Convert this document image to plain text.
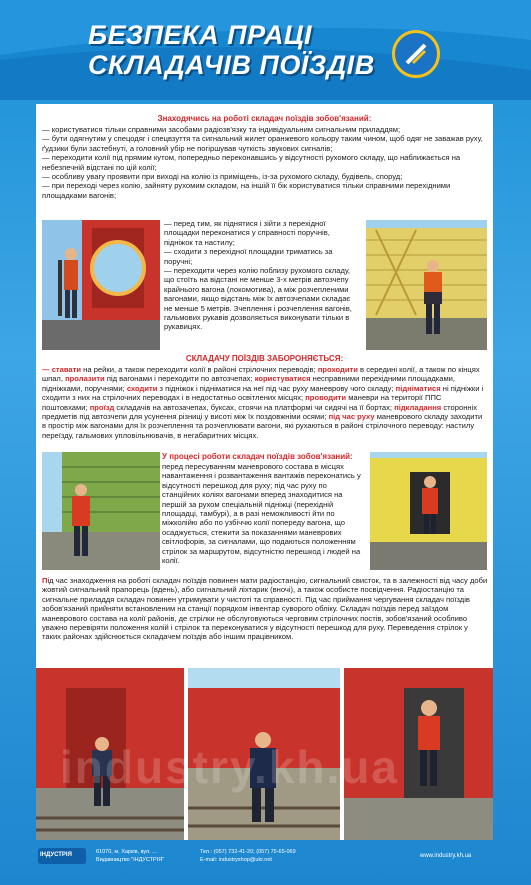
БЕЗПЕКА ПРАЦІ
СКЛАДАЧІВ ПОЇЗДІВ
Знаходячись на роботі складач поїздів зобов'язаний:
— користуватися тільки справними засобами радіозв'язку та індивідуальним сигнальним приладдям;
— бути одягнутим у спецодяг і спецвзуття та сигнальний жилет оранжевого кольору таким чином, щоб одяг не заважав руху, ґудзики були застебнуті, а головний убір не погіршував чуткість звукових сигналів;
— переходити колії під прямим кутом, попередньо переконавшись у відсутності рухомого складу, що наближається на небезпечній відстані по цій колії;
— особливу увагу проявити при виході на колію із приміщень, із-за рухомого складу, будівель, споруд;
— при переході через колію, зайняту рухомим складом, на іншій її бік користуватися тільки справними перехідними площадками вагонів;
— перед тим, як піднятися і зійти з перехідної площадки переконатися у справності поручнів, підніжок та настилу;
— сходити з перехідної площадки триматись за поручні;
— переходити через колію поблизу рухомого складу, що стоїть на відстані не менше 3-х метрів автозчепу крайнього вагона (локомотива), а між розчепленими вагонами, якщо відстань між їх автозчепами складає не менше 5 метрів. Зчеплення і розчеплення вагонів, гальмових рукавів дозволяється виконувати тільки в рукавицях.
СКЛАДАЧУ ПОЇЗДІВ ЗАБОРОНЯЄТЬСЯ:
— ставати на рейки, а також переходити колії в районі стрілочних переводів; проходити в середині колії, а також по кінцях шпал, пролазити під вагонами і переходити по автозчепах; користуватися несправними перехідними площадками, підніжками, поручнями; сходити з підніжок і підніматися на неї під час руху маневрову чого складу; підніматися ні підніжки і сходити з них на стрілочних переводах і в недостатньо освітлених місцях; проводити маневри на території ППС поштовхами; проїзд складачів на автозачепах, буксах, стоячи на платформі чи сидячі на її бортах; підкладання сторонніх предметів під автозчепи для усунення різниці у висоті між їх поздовжніми осями; під час руху маневрового складу заходити в простір між вагонами для їх розчеплення та розчеплювати вагони, які рухаються в районі стрілочного переводу: настилу переїзду, гальмових упловільнювачів, в негабаритних місцях.
У процесі роботи складач поїздів зобов'язаний:
перед пересуванням маневрового состава в місцях навантаження і розвантаження вантажів переконатись у відсутності перешкод для руху; під час руху по станційних коліях вагонами вперед знаходитися на першій за рухом спеціальній підніжці (перехідній площадці, тамбурі), а в разі неможливості йти по міжколійю або по узбіччю колії попереду вагона, що осаджується, стежити за показаннями маневрових світлофорів, за сигналами, що подаються положенням стрілок за маршрутом, відсутністю перешкод і людей на колії.
Під час знаходження на роботі складач поїздів повинен мати радіостанцію, сигнальний свисток, та в залежності від часу доби жовтий сигнальний прапорець (вдень), або сигнальний ліхтарик (вночі), а також особисте посвідчення. Радіостанцію та сигнальне приладдя складач повинен утримувати у чистоті та справності. Під час приймання чергування складач поїздів зобов'язаний прийняти встановленим на станції порядком інвентар суворого обліку. Складач поїздів перед заїздом маневрового состава на колії районів, де стрілки не обслуговуються черговим стрілочних постів, зобов'язаний особливо уважно перевіряти положення колій і стрілок та переконуватися у відсутності перешкод для руху. Переведення стрілок у таких районах здійснюється складачем поїздів або іншим працівником.
ІНДУСТРІЯ	61070, м. Харків, вул. ...
Видавництво "ІНДУСТРІЯ"
Тел.: (057) 732-41-20; (057) 75-65-069
E-mail: industryshop@ukr.net
www.industry.kh.ua
